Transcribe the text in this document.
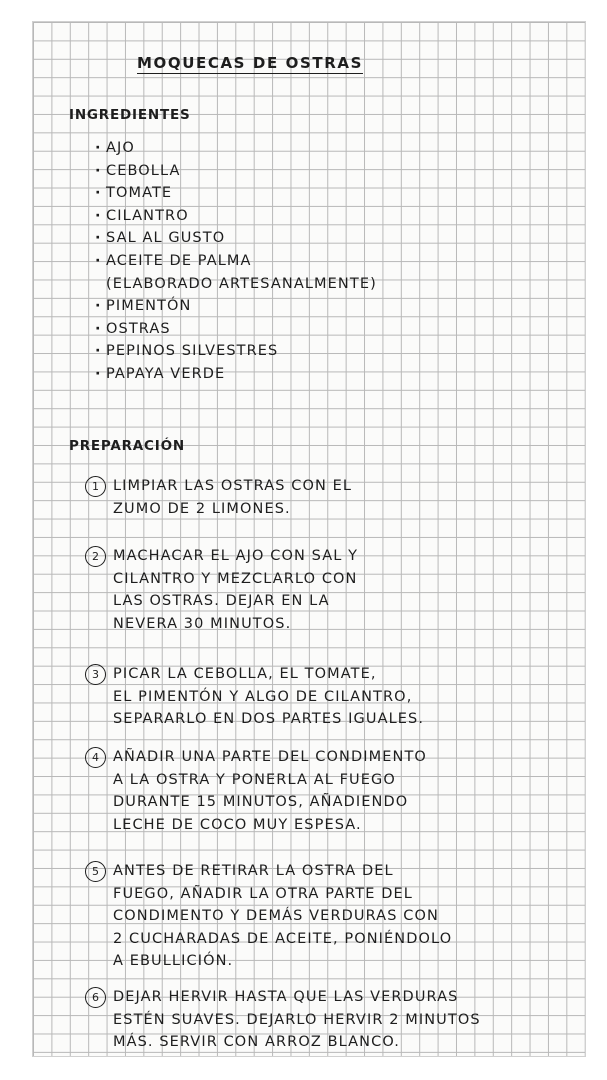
MOQUECAS DE OSTRAS
INGREDIENTES
· AJO
· CEBOLLA
· TOMATE
· CILANTRO
· SAL AL GUSTO
· ACEITE DE PALMA
(ELABORADO ARTESANALMENTE)
· PIMENTÓN
· OSTRAS
· PEPINOS SILVESTRES
· PAPAYA VERDE
PREPARACIÓN
1 LIMPIAR LAS OSTRAS CON EL
ZUMO DE 2 LIMONES.
2 MACHACAR EL AJO CON SAL Y
CILANTRO Y MEZCLARLO CON
LAS OSTRAS. DEJAR EN LA
NEVERA 30 MINUTOS.
3 PICAR LA CEBOLLA, EL TOMATE,
EL PIMENTÓN Y ALGO DE CILANTRO,
SEPARARLO EN DOS PARTES IGUALES.
4 AÑADIR UNA PARTE DEL CONDIMENTO
A LA OSTRA Y PONERLA AL FUEGO
DURANTE 15 MINUTOS, AÑADIENDO
LECHE DE COCO MUY ESPESA.
5 ANTES DE RETIRAR LA OSTRA DEL
FUEGO, AÑADIR LA OTRA PARTE DEL
CONDIMENTO Y DEMÁS VERDURAS CON
2 CUCHARADAS DE ACEITE, PONIÉNDOLO
A EBULLICIÓN.
6 DEJAR HERVIR HASTA QUE LAS VERDURAS
ESTÉN SUAVES. DEJARLO HERVIR 2 MINUTOS
MÁS. SERVIR CON ARROZ BLANCO.
